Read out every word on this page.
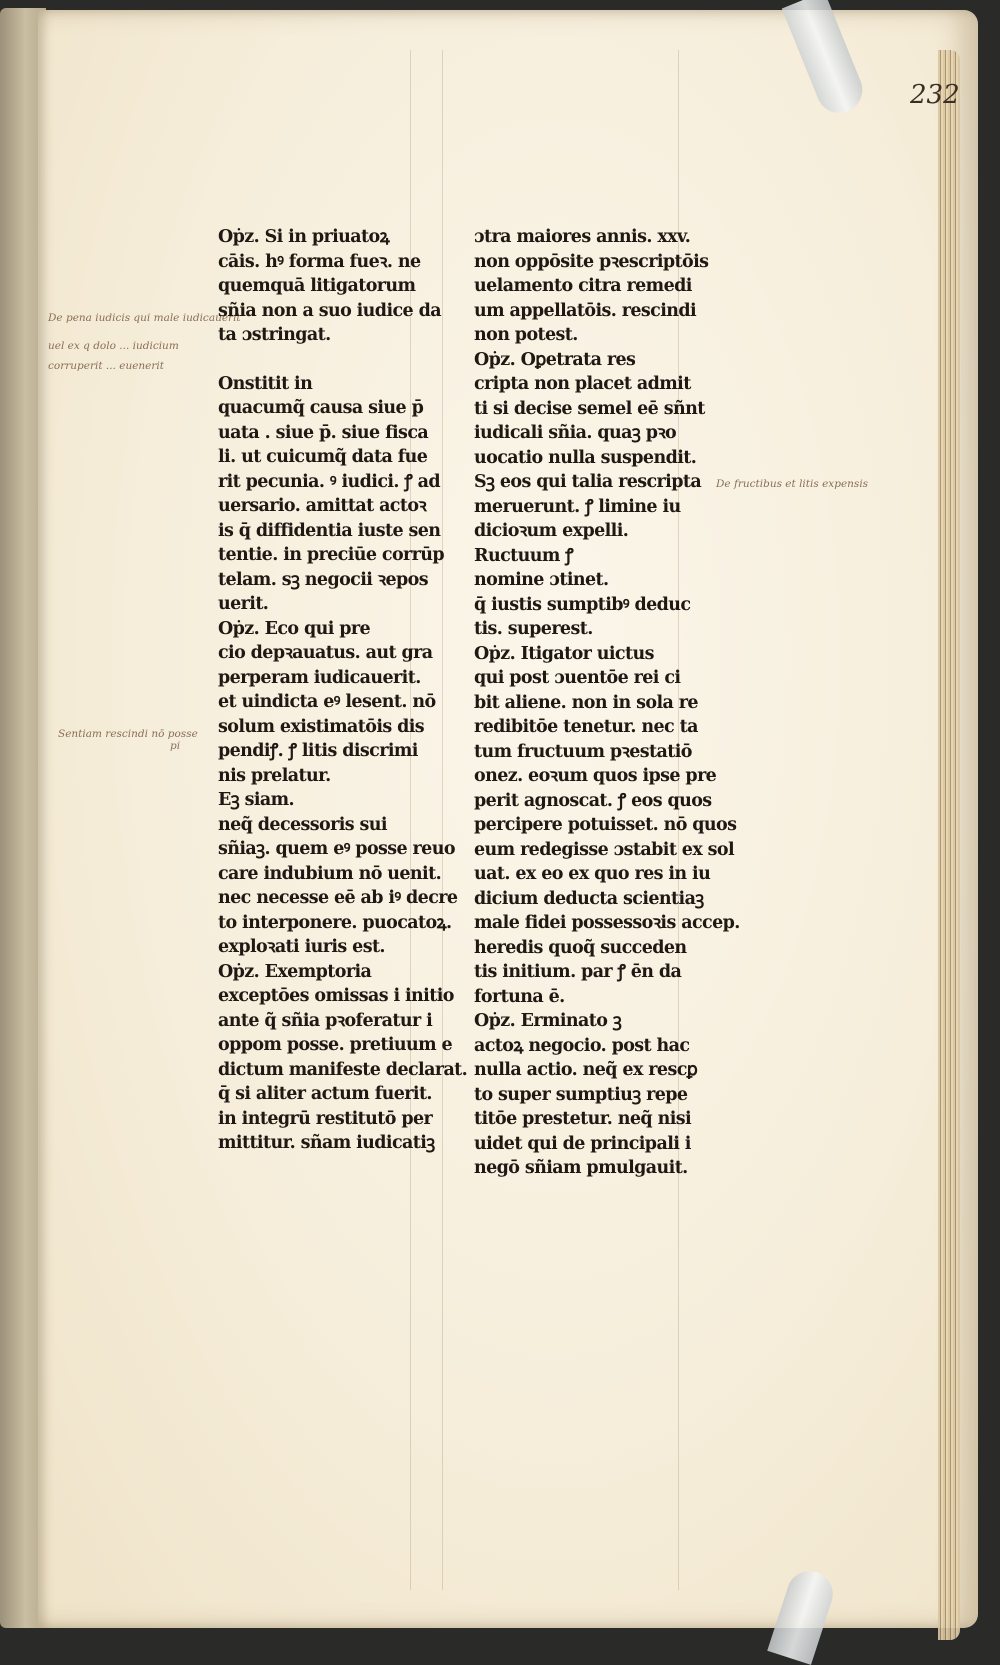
232
De pena iudicis qui male iudicauerit
uel ex q dolo ... iudicium
corruperit ... euenerit
Sentiam rescindi nō posse
pi
De fructibus et litis expensis

Oṗz. Si in priuatoꝝ

cāis. hꝰ forma fueꝛ. ne

quemquā litigatorum

sñia non a suo iudice da

ta ɔstringat.

Onstitit in

quacumq̃ causa siue p̄

uata . siue p̄. siue fisca

li. ut cuicumq̃ data fue

rit pecunia. ꝰ iudici. ꝭ ad

uersario. amittat actoꝛ

is q̄ diffidentia iuste sen

tentie. in preciūe corrūp

telam. sꝫ negocii ꝛepos

uerit.

Oṗz. Eco qui pre

cio depꝛauatus. aut gra

perperam iudicauerit.

et uindicta eꝰ lesent. nō

solum existimatōis dis

pendiꝭ. ꝭ litis discrimi

nis prelatur.

Eꝫ siam.

neq̃ decessoris sui

sñiaꝫ. quem eꝰ posse reuo

care indubium nō uenit.

nec necesse eē ab iꝰ decre

to interponere. puocatoꝝ.

exploꝛati iuris est.

Oṗz. Exemptoria

exceptōes omissas i initio

ante q̃ sñia pꝛoferatur i

oppom posse. pretiuum e

dictum manifeste declarat.

q̄ si aliter actum fuerit.

in integrū restitutō per

mittitur. sñam iudicatiꝫ

ɔtra maiores annis. xxv.

non oppōsite pꝛescriptōis

uelamento citra remedi

um appellatōis. rescindi

non potest.

Oṗz. Oꝑetrata res

cripta non placet admit

ti si decise semel eē sñnt

iudicali sñia. quaꝫ pꝛo

uocatio nulla suspendit.

Sꝫ eos qui talia rescripta

meruerunt. ꝭ limine iu

dicioꝛum expelli.

Ructuum ꝭ

nomine ɔtinet.

q̄ iustis sumptibꝰ deduc

tis. superest.

Oṗz. Itigator uictus

qui post ɔuentōe rei ci

bit aliene. non in sola re

redibitōe tenetur. nec ta

tum fructuum pꝛestatiō

onez. eoꝛum quos ipse pre

perit agnoscat. ꝭ eos quos

percipere potuisset. nō quos

eum redegisse ɔstabit ex sol

uat. ex eo ex quo res in iu

dicium deducta scientiaꝫ

male fidei possessoꝛis accep.

heredis quoq̃ succeden

tis initium. par ꝭ ēn da

fortuna ē.

Oṗz. Erminato ꝫ

actoꝝ negocio. post hac

nulla actio. neq̃ ex rescꝑ

to super sumptiuꝫ repe

titōe prestetur. neq̃ nisi

uidet qui de principali i

negō sñiam pmulgauit.
